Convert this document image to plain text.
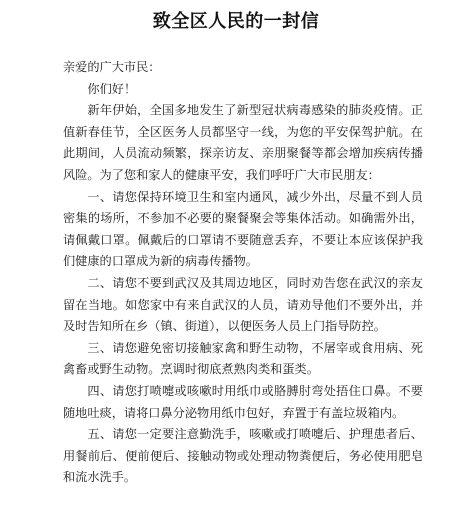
致全区人民的一封信

亲爱的广大市民：

你们好！

新年伊始，全国多地发生了新型冠状病毒感染的肺炎疫情。正值新春佳节，全区医务人员都坚守一线，为您的平安保驾护航。在此期间，人员流动频繁，探亲访友、亲朋聚餐等都会增加疾病传播风险。为了您和家人的健康平安，我们呼吁广大市民朋友：

一、请您保持环境卫生和室内通风，减少外出，尽量不到人员密集的场所，不参加不必要的聚餐聚会等集体活动。如确需外出，请佩戴口罩。佩戴后的口罩请不要随意丢弃，不要让本应该保护我们健康的口罩成为新的病毒传播物。

二、请您不要到武汉及其周边地区，同时劝告您在武汉的亲友留在当地。如您家中有来自武汉的人员，请劝导他们不要外出，并及时告知所在乡（镇、街道），以便医务人员上门指导防控。

三、请您避免密切接触家禽和野生动物，不屠宰或食用病、死禽畜或野生动物。烹调时彻底煮熟肉类和蛋类。

四、请您打喷嚏或咳嗽时用纸巾或胳膊肘弯处捂住口鼻。不要随地吐痰，请将口鼻分泌物用纸巾包好，弃置于有盖垃圾箱内。

五、请您一定要注意勤洗手，咳嗽或打喷嚏后、护理患者后、用餐前后、便前便后、接触动物或处理动物粪便后，务必使用肥皂和流水洗手。
